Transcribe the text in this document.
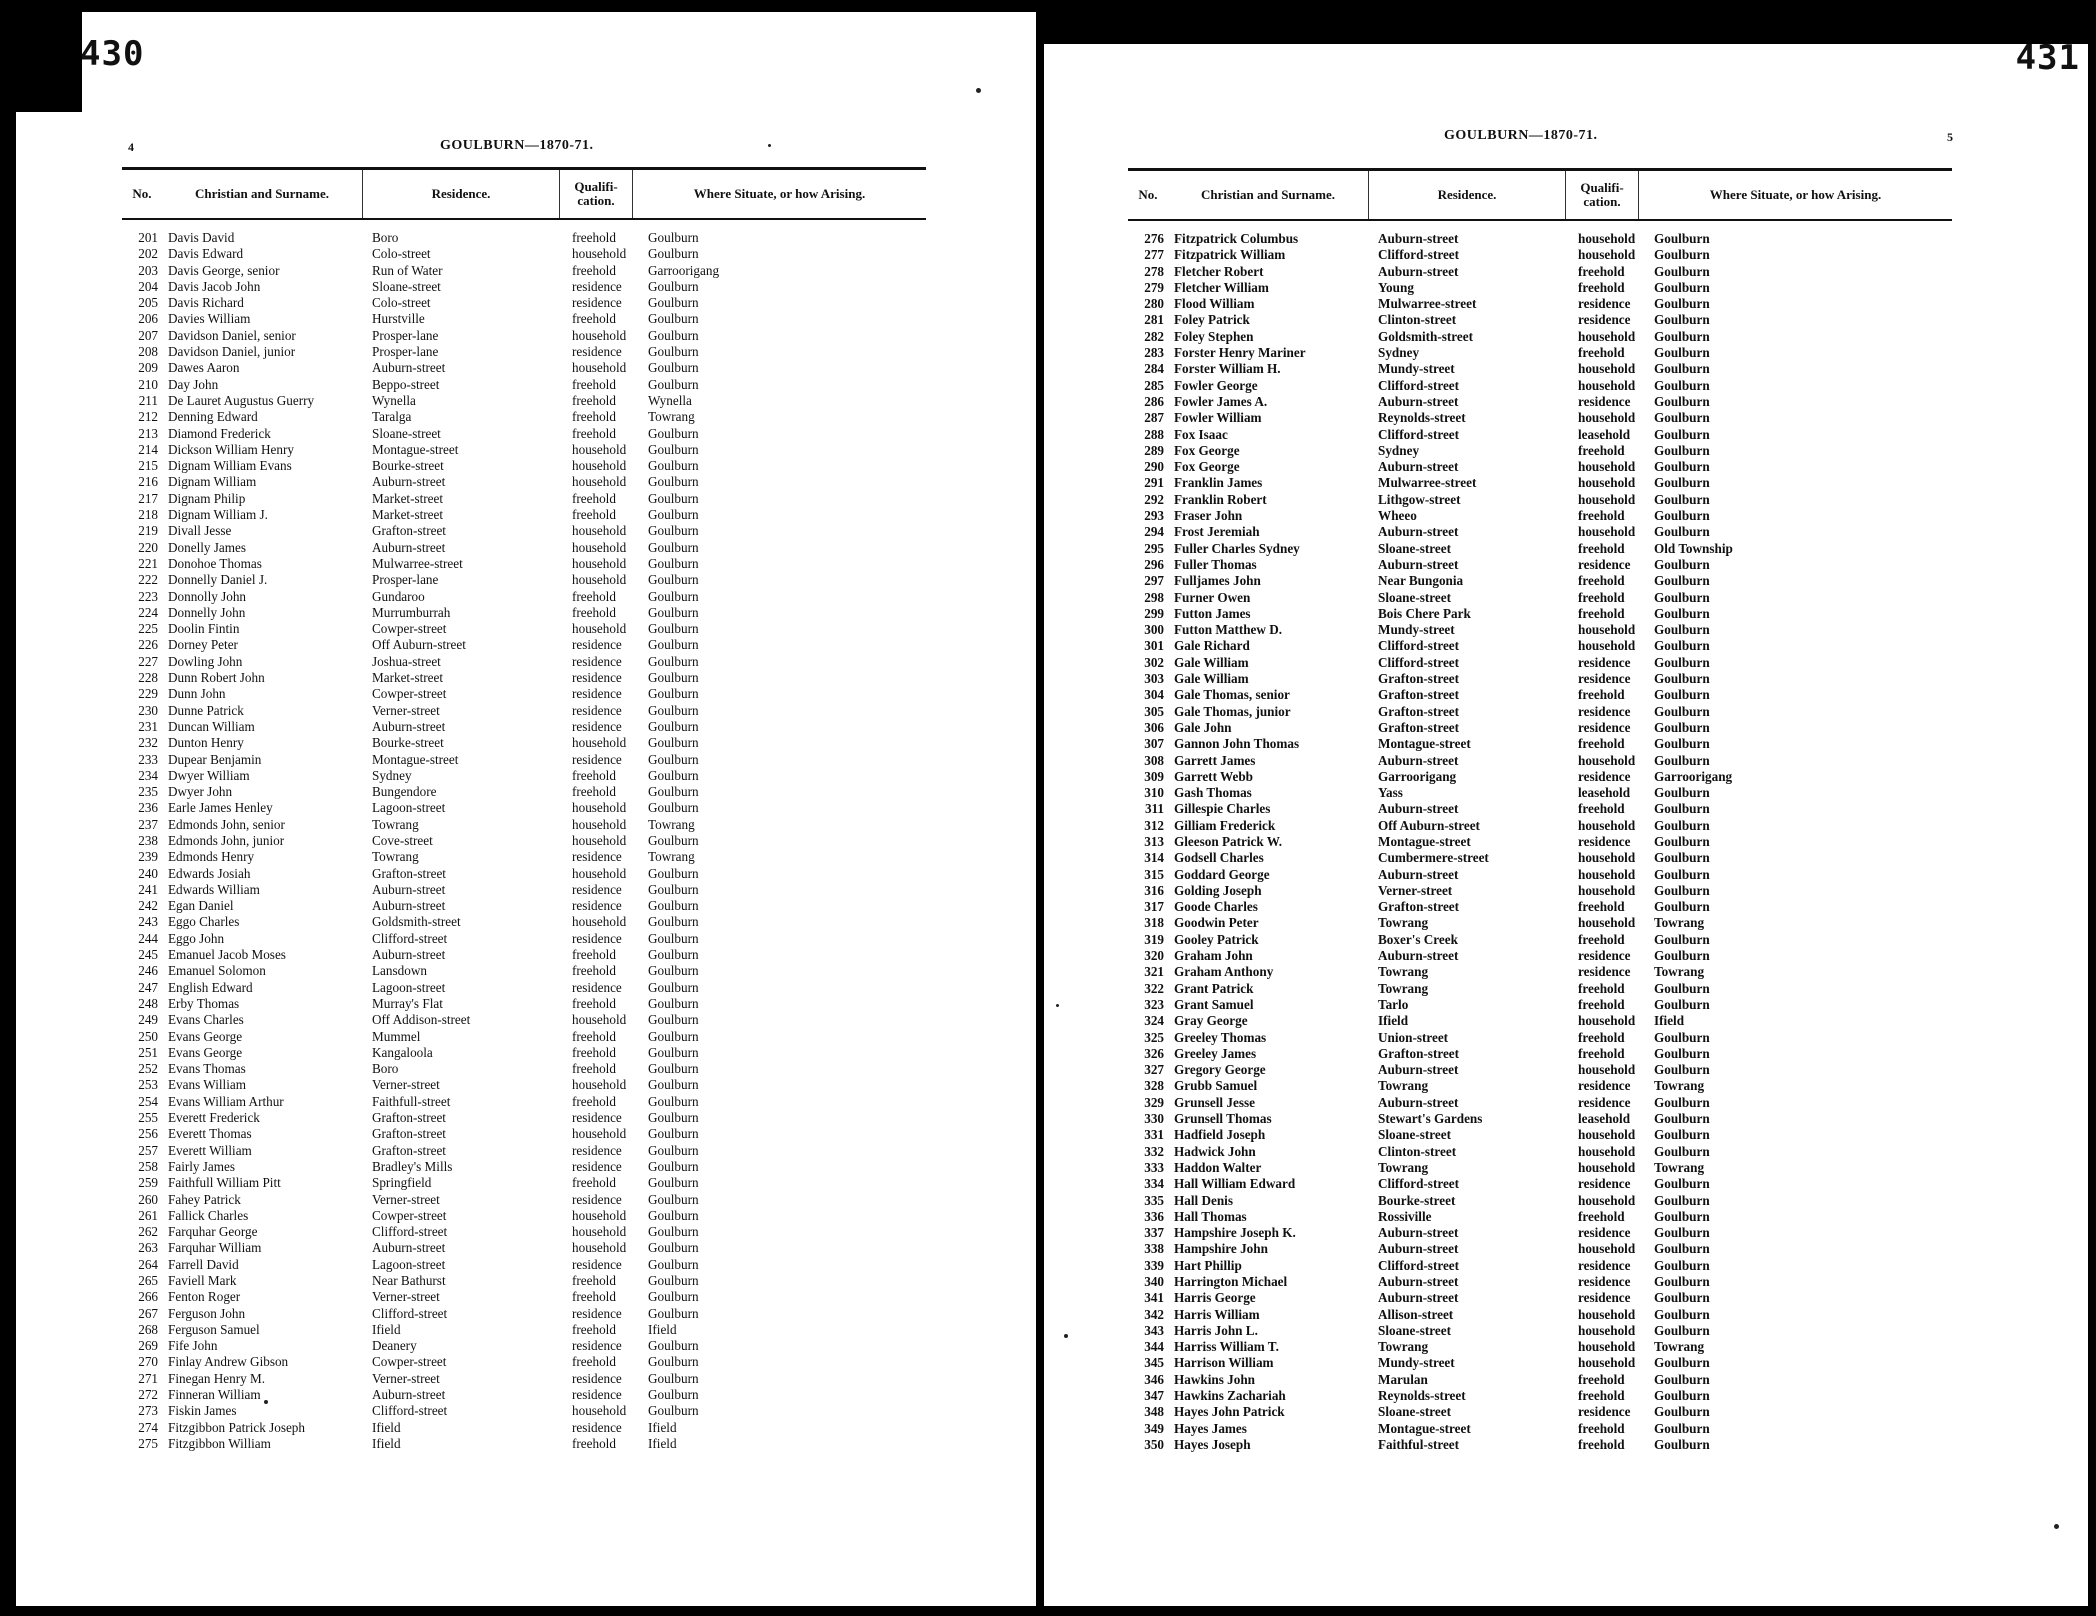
430
4	GOULBURN—1870-71.
No.	Christian and Surname.	Residence.	Qualifi-
cation.	Where Situate, or how Arising.
201 Davis David	Boro	freehold	Goulburn
202 Davis Edward	Colo-street	household	Goulburn
203 Davis George, senior	Run of Water	freehold	Garroorigang
204 Davis Jacob John	Sloane-street	residence	Goulburn
205 Davis Richard	Colo-street	residence	Goulburn
206 Davies William	Hurstville	freehold	Goulburn
207 Davidson Daniel, senior	Prosper-lane	household	Goulburn
208 Davidson Daniel, junior	Prosper-lane	residence	Goulburn
209 Dawes Aaron	Auburn-street	household	Goulburn
210 Day John	Beppo-street	freehold	Goulburn
211 De Lauret Augustus Guerry	Wynella	freehold	Wynella
212 Denning Edward	Taralga	freehold	Towrang
213 Diamond Frederick	Sloane-street	freehold	Goulburn
214 Dickson William Henry	Montague-street	household	Goulburn
215 Dignam William Evans	Bourke-street	household	Goulburn
216 Dignam William	Auburn-street	household	Goulburn
217 Dignam Philip	Market-street	freehold	Goulburn
218 Dignam William J.	Market-street	freehold	Goulburn
219 Divall Jesse	Grafton-street	household	Goulburn
220 Donelly James	Auburn-street	household	Goulburn
221 Donohoe Thomas	Mulwarree-street	household	Goulburn
222 Donnelly Daniel J.	Prosper-lane	household	Goulburn
223 Donnolly John	Gundaroo	freehold	Goulburn
224 Donnelly John	Murrumburrah	freehold	Goulburn
225 Doolin Fintin	Cowper-street	household	Goulburn
226 Dorney Peter	Off Auburn-street	residence	Goulburn
227 Dowling John	Joshua-street	residence	Goulburn
228 Dunn Robert John	Market-street	residence	Goulburn
229 Dunn John	Cowper-street	residence	Goulburn
230 Dunne Patrick	Verner-street	residence	Goulburn
231 Duncan William	Auburn-street	residence	Goulburn
232 Dunton Henry	Bourke-street	household	Goulburn
233 Dupear Benjamin	Montague-street	residence	Goulburn
234 Dwyer William	Sydney	freehold	Goulburn
235 Dwyer John	Bungendore	freehold	Goulburn
236 Earle James Henley	Lagoon-street	household	Goulburn
237 Edmonds John, senior	Towrang	household	Towrang
238 Edmonds John, junior	Cove-street	household	Goulburn
239 Edmonds Henry	Towrang	residence	Towrang
240 Edwards Josiah	Grafton-street	household	Goulburn
241 Edwards William	Auburn-street	residence	Goulburn
242 Egan Daniel	Auburn-street	residence	Goulburn
243 Eggo Charles	Goldsmith-street	household	Goulburn
244 Eggo John	Clifford-street	residence	Goulburn
245 Emanuel Jacob Moses	Auburn-street	freehold	Goulburn
246 Emanuel Solomon	Lansdown	freehold	Goulburn
247 English Edward	Lagoon-street	residence	Goulburn
248 Erby Thomas	Murray's Flat	freehold	Goulburn
249 Evans Charles	Off Addison-street	household	Goulburn
250 Evans George	Mummel	freehold	Goulburn
251 Evans George	Kangaloola	freehold	Goulburn
252 Evans Thomas	Boro	freehold	Goulburn
253 Evans William	Verner-street	household	Goulburn
254 Evans William Arthur	Faithfull-street	freehold	Goulburn
255 Everett Frederick	Grafton-street	residence	Goulburn
256 Everett Thomas	Grafton-street	household	Goulburn
257 Everett William	Grafton-street	residence	Goulburn
258 Fairly James	Bradley's Mills	residence	Goulburn
259 Faithfull William Pitt	Springfield	freehold	Goulburn
260 Fahey Patrick	Verner-street	residence	Goulburn
261 Fallick Charles	Cowper-street	household	Goulburn
262 Farquhar George	Clifford-street	household	Goulburn
263 Farquhar William	Auburn-street	household	Goulburn
264 Farrell David	Lagoon-street	residence	Goulburn
265 Faviell Mark	Near Bathurst	freehold	Goulburn
266 Fenton Roger	Verner-street	freehold	Goulburn
267 Ferguson John	Clifford-street	residence	Goulburn
268 Ferguson Samuel	Ifield	freehold	Ifield
269 Fife John	Deanery	residence	Goulburn
270 Finlay Andrew Gibson	Cowper-street	freehold	Goulburn
271 Finegan Henry M.	Verner-street	residence	Goulburn
272 Finneran William	Auburn-street	residence	Goulburn
273 Fiskin James	Clifford-street	household	Goulburn
274 Fitzgibbon Patrick Joseph	Ifield	residence	Ifield
275 Fitzgibbon William	Ifield	freehold	Ifield
431
GOULBURN—1870-71.	5
No.	Christian and Surname.	Residence.	Qualifi-
cation.	Where Situate, or how Arising.
276 Fitzpatrick Columbus	Auburn-street	household	Goulburn
277 Fitzpatrick William	Clifford-street	household	Goulburn
278 Fletcher Robert	Auburn-street	freehold	Goulburn
279 Fletcher William	Young	freehold	Goulburn
280 Flood William	Mulwarree-street	residence	Goulburn
281 Foley Patrick	Clinton-street	residence	Goulburn
282 Foley Stephen	Goldsmith-street	household	Goulburn
283 Forster Henry Mariner	Sydney	freehold	Goulburn
284 Forster William H.	Mundy-street	household	Goulburn
285 Fowler George	Clifford-street	household	Goulburn
286 Fowler James A.	Auburn-street	residence	Goulburn
287 Fowler William	Reynolds-street	household	Goulburn
288 Fox Isaac	Clifford-street	leasehold	Goulburn
289 Fox George	Sydney	freehold	Goulburn
290 Fox George	Auburn-street	household	Goulburn
291 Franklin James	Mulwarree-street	household	Goulburn
292 Franklin Robert	Lithgow-street	household	Goulburn
293 Fraser John	Wheeo	freehold	Goulburn
294 Frost Jeremiah	Auburn-street	household	Goulburn
295 Fuller Charles Sydney	Sloane-street	freehold	Old Township
296 Fuller Thomas	Auburn-street	residence	Goulburn
297 Fulljames John	Near Bungonia	freehold	Goulburn
298 Furner Owen	Sloane-street	freehold	Goulburn
299 Futton James	Bois Chere Park	freehold	Goulburn
300 Futton Matthew D.	Mundy-street	household	Goulburn
301 Gale Richard	Clifford-street	household	Goulburn
302 Gale William	Clifford-street	residence	Goulburn
303 Gale William	Grafton-street	residence	Goulburn
304 Gale Thomas, senior	Grafton-street	freehold	Goulburn
305 Gale Thomas, junior	Grafton-street	residence	Goulburn
306 Gale John	Grafton-street	residence	Goulburn
307 Gannon John Thomas	Montague-street	freehold	Goulburn
308 Garrett James	Auburn-street	household	Goulburn
309 Garrett Webb	Garroorigang	residence	Garroorigang
310 Gash Thomas	Yass	leasehold	Goulburn
311 Gillespie Charles	Auburn-street	freehold	Goulburn
312 Gilliam Frederick	Off Auburn-street	household	Goulburn
313 Gleeson Patrick W.	Montague-street	residence	Goulburn
314 Godsell Charles	Cumbermere-street	household	Goulburn
315 Goddard George	Auburn-street	household	Goulburn
316 Golding Joseph	Verner-street	household	Goulburn
317 Goode Charles	Grafton-street	freehold	Goulburn
318 Goodwin Peter	Towrang	household	Towrang
319 Gooley Patrick	Boxer's Creek	freehold	Goulburn
320 Graham John	Auburn-street	residence	Goulburn
321 Graham Anthony	Towrang	residence	Towrang
322 Grant Patrick	Towrang	freehold	Goulburn
323 Grant Samuel	Tarlo	freehold	Goulburn
324 Gray George	Ifield	household	Ifield
325 Greeley Thomas	Union-street	freehold	Goulburn
326 Greeley James	Grafton-street	freehold	Goulburn
327 Gregory George	Auburn-street	household	Goulburn
328 Grubb Samuel	Towrang	residence	Towrang
329 Grunsell Jesse	Auburn-street	residence	Goulburn
330 Grunsell Thomas	Stewart's Gardens	leasehold	Goulburn
331 Hadfield Joseph	Sloane-street	household	Goulburn
332 Hadwick John	Clinton-street	household	Goulburn
333 Haddon Walter	Towrang	household	Towrang
334 Hall William Edward	Clifford-street	residence	Goulburn
335 Hall Denis	Bourke-street	household	Goulburn
336 Hall Thomas	Rossiville	freehold	Goulburn
337 Hampshire Joseph K.	Auburn-street	residence	Goulburn
338 Hampshire John	Auburn-street	household	Goulburn
339 Hart Phillip	Clifford-street	residence	Goulburn
340 Harrington Michael	Auburn-street	residence	Goulburn
341 Harris George	Auburn-street	residence	Goulburn
342 Harris William	Allison-street	household	Goulburn
343 Harris John L.	Sloane-street	household	Goulburn
344 Harriss William T.	Towrang	household	Towrang
345 Harrison William	Mundy-street	household	Goulburn
346 Hawkins John	Marulan	freehold	Goulburn
347 Hawkins Zachariah	Reynolds-street	freehold	Goulburn
348 Hayes John Patrick	Sloane-street	residence	Goulburn
349 Hayes James	Montague-street	freehold	Goulburn
350 Hayes Joseph	Faithful-street	freehold	Goulburn
